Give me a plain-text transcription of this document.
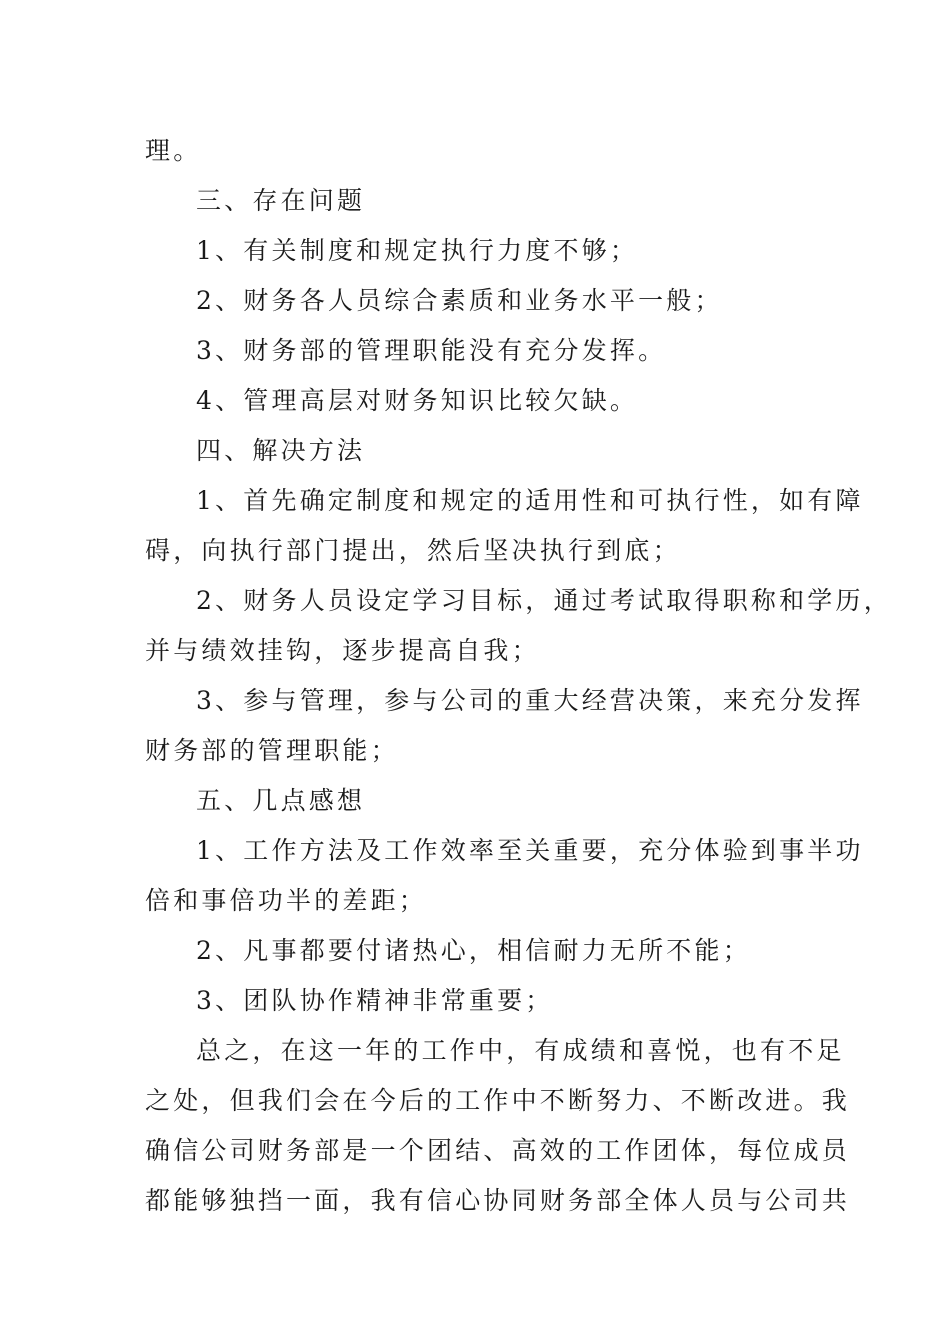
理。

三、存在问题

1、有关制度和规定执行力度不够；

2、财务各人员综合素质和业务水平一般；

3、财务部的管理职能没有充分发挥。

4、管理高层对财务知识比较欠缺。

四、解决方法

1、首先确定制度和规定的适用性和可执行性，如有障

碍，向执行部门提出，然后坚决执行到底；

2、财务人员设定学习目标，通过考试取得职称和学历，

并与绩效挂钩，逐步提高自我；

3、参与管理，参与公司的重大经营决策，来充分发挥

财务部的管理职能；

五、几点感想

1、工作方法及工作效率至关重要，充分体验到事半功

倍和事倍功半的差距；

2、凡事都要付诸热心，相信耐力无所不能；

3、团队协作精神非常重要；

总之，在这一年的工作中，有成绩和喜悦，也有不足

之处，但我们会在今后的工作中不断努力、不断改进。我

确信公司财务部是一个团结、高效的工作团体，每位成员

都能够独挡一面，我有信心协同财务部全体人员与公司共
